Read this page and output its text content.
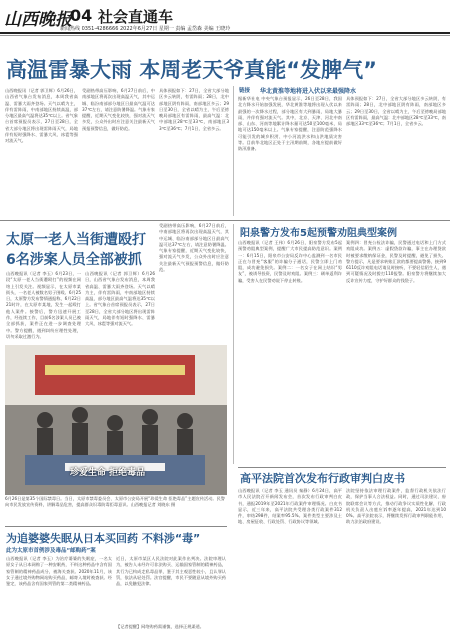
山西晚报
04 社会直通车
新闻热线 0351-4286666 2022年6月27日 星期一 责编 孟岱森 美编 王晓玲
高温雷暴大雨 本周老天爷真能“发脾气”
山西晚报讯（记者 郭卫辉）6月26日，山西省气象台发布消息，本周我省高温、雷暴大雨齐登场。天气以晴为主，伴有雷阵雨，中南部地区持续高温，部分地区最高气温将达35℃以上。省气象台首席预报员表示，27日至28日，全省大部分地区将出现雷阵雨天气，局地伴有短时强降水、雷暴大风、冰雹等强对流天气。
受副热带高压影响，6月27日前后，中南部地区将再次出现高温天气，其中运城、临汾南部部分地区日最高气温可达37℃左右，请注意防暑降温。气象专家提醒，近期天气变化较快，强对流天气多发，公众外出时应注意关注最新天气预报预警信息，做好防范。
具体预报如下：27日，全省大部分地区多云转阴，有雷阵雨；28日，北中部地区阴有阵雨，南部地区多云；29日至30日，全省以晴为主，午后至傍晚局部地区有雷阵雨，最高气温：北中部地区28℃至33℃，南部地区33℃至36℃；7月1日，全省多云。
链接 华北黄淮等地将进入伏以来最强降水
据新华社电 中央气象台预报显示，26日至28日，我国北方降水开始加强发展，华北黄淮等地将出现入伏以来最强的一次降水过程，部分地区有大到暴雨，局地大暴雨，并伴有强对流天气。其中，北京、天津、河北中南部、山东、河南等地累计降水量可达50至100毫米，局地可达150毫米以上。气象专家提醒，注意防范强降水可能引发的城乡积涝、中小河流洪水和山洪地质灾害等。目前华北地区正处于主汛期前期，各地应提前做好防汛准备。
具体预报如下：27日，全省大部分地区多云转阴，有雷阵雨；28日，北中部地区阴有阵雨，南部地区多云；29日至30日，全省以晴为主，午后至傍晚局部地区有雷阵雨，最高气温：北中部地区28℃至33℃，南部地区33℃至36℃；7月1日，全省多云。
太原一老人当街遭殴打
6名涉案人员全部被抓
山西晚报讯（记者 李玉）6月23日，一段“太原一老人当街遭殴打”的视频在网络上引发关注。视频显示，在太原市某街头，一名老人被数名男子围殴。6月25日，太原警方发布警情通报称，6月22日21时许，在太原市某地，发生一起殴打他人案件。接警后，警方迅速开展工作，经连续工作，目前6名涉案人员已被全部抓获，案件正在进一步调查处理中。警方提醒，遇到纠纷应理性处理，切勿采取过激行为。
山西晚报讯（记者 郭卫辉）6月26日，山西省气象台发布消息，本周我省高温、雷暴大雨齐登场。天气以晴为主，伴有雷阵雨，中南部地区持续高温，部分地区最高气温将达35℃以上。省气象台首席预报员表示，27日至28日，全省大部分地区将出现雷阵雨天气，局地伴有短时强降水、雷暴大风、冰雹等强对流天气。
受副热带高压影响，6月27日前后，中南部地区将再次出现高温天气，其中运城、临汾南部部分地区日最高气温可达37℃左右，请注意防暑降温。气象专家提醒，近期天气变化较快，强对流天气多发，公众外出时应注意关注最新天气预报预警信息，做好防范。
珍爱生命 拒绝毒品
6月26日是第35个国际禁毒日。当日，太原市禁毒委员会、太原市公安局开展“珍爱生命 拒绝毒品”主题宣传活动。民警向市民发放宣传资料，讲解毒品危害，提高群众识毒防毒拒毒意识。山西晚报记者 刘晓东 摄
阳泉警方发布5起预警劝阻典型案例
山西晚报讯（记者 王伟）6月26日，阳泉警方发布5起预警劝阻典型案例，提醒广大市民提高防范意识。案例一：6月15日，阳泉市公安局反诈中心监测到一名市民正在与冒充“客服”的诈骗分子通话，民警立即上门劝阻，成功避免损失。案例二：一名女子在网上结识“男友”，被诱导投资，民警及时劝阻。案例三：刷单返利诈骗，受害人在民警劝说下停止转账。
案例四：冒充公检法诈骗，民警通过电话和上门方式劝阻成功。案例五：虚假贷款诈骗，事主在办理贷款时被要求缴纳保证金，民警及时提醒，避免了损失。警方提示，凡是要求转账汇款的都要提高警惕，接到96110反诈劝阻电话请及时接听，不要轻信陌生人，遇到可疑情况及时拨打110报警。阳泉警方将继续加大反诈宣传力度，守护好群众的钱袋子。
为追婆婆失眠从日本买回药 不料涉“毒”
此为太原市首例涉及毒品“邮购药”案
山西晚报讯（记者 李玉）为治疗婆婆的失眠症，一名太原女子从日本网购了一种安眠药，不料这种药品中含有国家管制的精神药品成分，被海关查获。2020年11月，该女子通过境外购物网站购买药品，邮寄入境时被查获。经鉴定，该药品含有国家列管的第二类精神药品。
近日，太原市某区人民法院对此案作出判决。法院审理认为，被告人未经许可非法购买、运输国家管制的精神药品，其行为已构成走私毒品罪，鉴于其主观恶性较小，且认罪认罚，依法从轻处罚。法官提醒，市民不要随意从境外购买药品，以免触犯法律。
【记者提醒】网络购药需谨慎，选择正规渠道。
高平法院首次发布行政审判白皮书
山西晚报讯（记者 李玉 通讯员 秦静）6月24日，高平市人民法院召开新闻发布会，首次发布行政审判白皮书，通报2019年至2021年行政案件审理情况。白皮书显示，近三年来，高平法院共受理各类行政案件312件，审结298件，结案率95.5%。案件类型主要涉及土地、房屋征收、行政处罚、行政协议等领域。
法院坚持依法审理行政案件，监督行政机关依法行政，保护当事人合法权益。同时，通过司法建议、府院联席会议等方式，推动行政争议实质性化解，行政机关负责人出庭应诉率逐年提高，2021年达到100%。高平法院表示，将继续发挥行政审判职能作用，助力法治政府建设。
